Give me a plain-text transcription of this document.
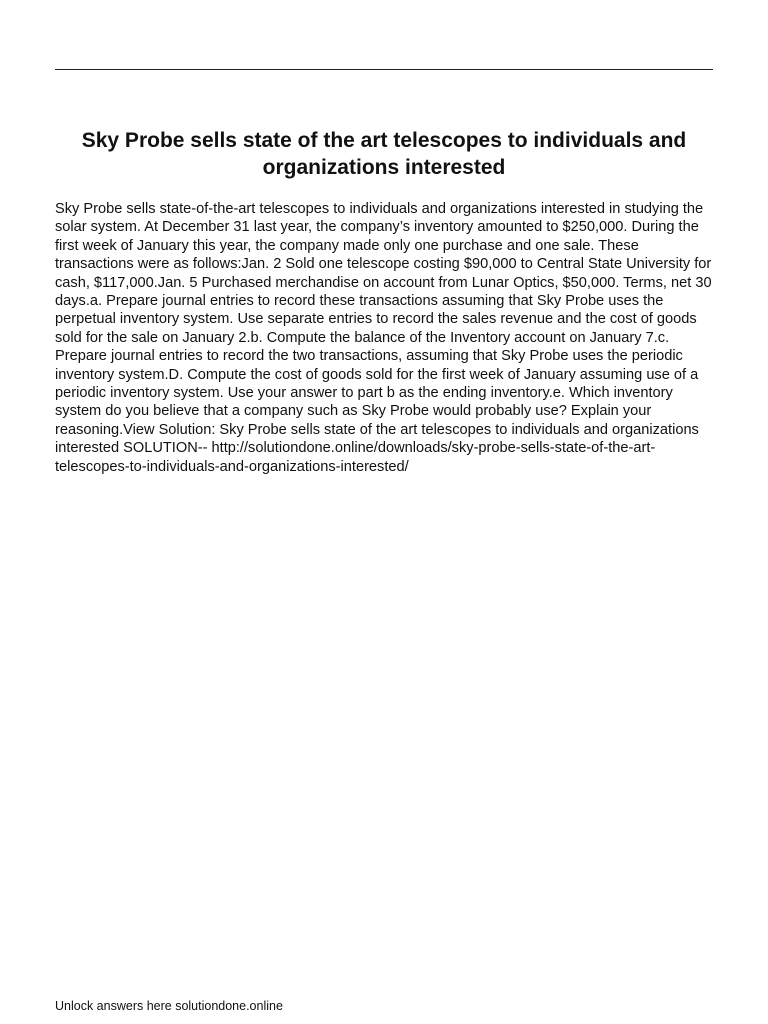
Sky Probe sells state of the art telescopes to individuals and organizations interested

Sky Probe sells state-of-the-art telescopes to individuals and organizations interested in studying the solar system. At December 31 last year, the company’s inventory amounted to $250,000. During the first week of January this year, the company made only one purchase and one sale. These transactions were as follows:Jan. 2 Sold one telescope costing $90,000 to Central State University for cash, $117,000.Jan. 5 Purchased merchandise on account from Lunar Optics, $50,000. Terms, net 30 days.a. Prepare journal entries to record these transactions assuming that Sky Probe uses the perpetual inventory system. Use separate entries to record the sales revenue and the cost of goods sold for the sale on January 2.b. Compute the balance of the Inventory account on January 7.c. Prepare journal entries to record the two transactions, assuming that Sky Probe uses the periodic inventory system.D. Compute the cost of goods sold for the first week of January assuming use of a periodic inventory system. Use your answer to part b as the ending inventory.e. Which inventory system do you believe that a company such as Sky Probe would probably use? Explain your reasoning.View Solution: Sky Probe sells state of the art telescopes to individuals and organizations interested SOLUTION-- http://solutiondone.online/downloads/sky-probe-sells-state-of-the-art-telescopes-to-individuals-and-organizations-interested/

Unlock answers here solutiondone.online
